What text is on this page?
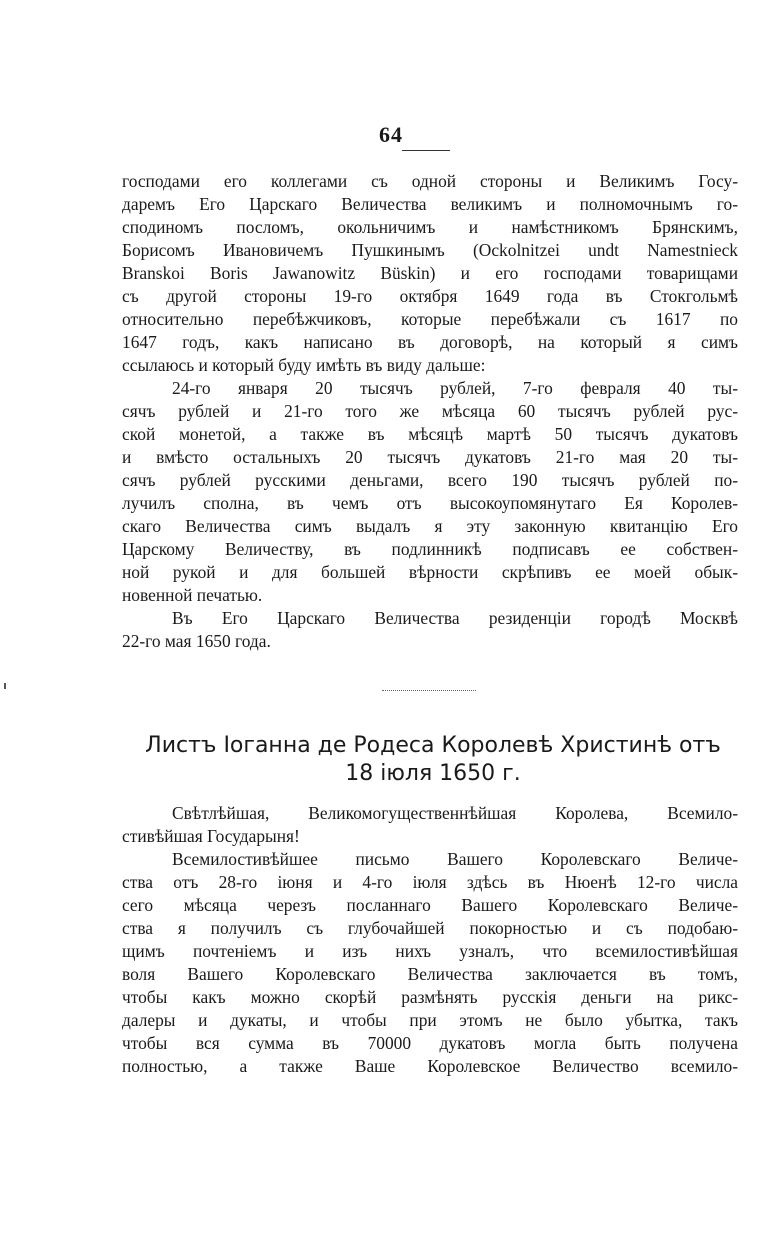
64
господами его коллегами съ одной стороны и Великимъ Госу-
даремъ Его Царскаго Величества великимъ и полномочнымъ го-
сподиномъ посломъ, окольничимъ и намѣстникомъ Брянскимъ,
Борисомъ Ивановичемъ Пушкинымъ (Ockolnitzei undt Namestnieck
Branskoi Boris Jawanowitz Büskin) и его господами товарищами
съ другой стороны 19-го октября 1649 года въ Стокгольмѣ
относительно перебѣжчиковъ, которые перебѣжали съ 1617 по
1647 годъ, какъ написано въ договорѣ, на который я симъ
ссылаюсь и который буду имѣть въ виду дальше:
24-го января 20 тысячъ рублей, 7-го февраля 40 ты-
сячъ рублей и 21-го того же мѣсяца 60 тысячъ рублей рус-
ской монетой, а также въ мѣсяцѣ мартѣ 50 тысячъ дукатовъ
и вмѣсто остальныхъ 20 тысячъ дукатовъ 21-го мая 20 ты-
сячъ рублей русскими деньгами, всего 190 тысячъ рублей по-
лучилъ сполна, въ чемъ отъ высокоупомянутаго Ея Королев-
скаго Величества симъ выдалъ я эту законную квитанцію Его
Царскому Величеству, въ подлинникѣ подписавъ ее собствен-
ной рукой и для большей вѣрности скрѣпивъ ее моей обык-
новенной печатью.
Въ Его Царскаго Величества резиденціи городѣ Москвѣ
22-го мая 1650 года.
Листъ Іоганна де Родеса Королевѣ Христинѣ отъ
18 іюля 1650 г.
Свѣтлѣйшая, Великомогущественнѣйшая Королева, Всемило-
стивѣйшая Государыня!
Всемилостивѣйшее письмо Вашего Королевскаго Величе-
ства отъ 28-го іюня и 4-го іюля здѣсь въ Нюенѣ 12-го числа
сего мѣсяца черезъ посланнаго Вашего Королевскаго Величе-
ства я получилъ съ глубочайшей покорностью и съ подобаю-
щимъ почтеніемъ и изъ нихъ узналъ, что всемилостивѣйшая
воля Вашего Королевскаго Величества заключается въ томъ,
чтобы какъ можно скорѣй размѣнять русскія деньги на рикс-
далеры и дукаты, и чтобы при этомъ не было убытка, такъ
чтобы вся сумма въ 70000 дукатовъ могла быть получена
полностью, а также Ваше Королевское Величество всемило-
